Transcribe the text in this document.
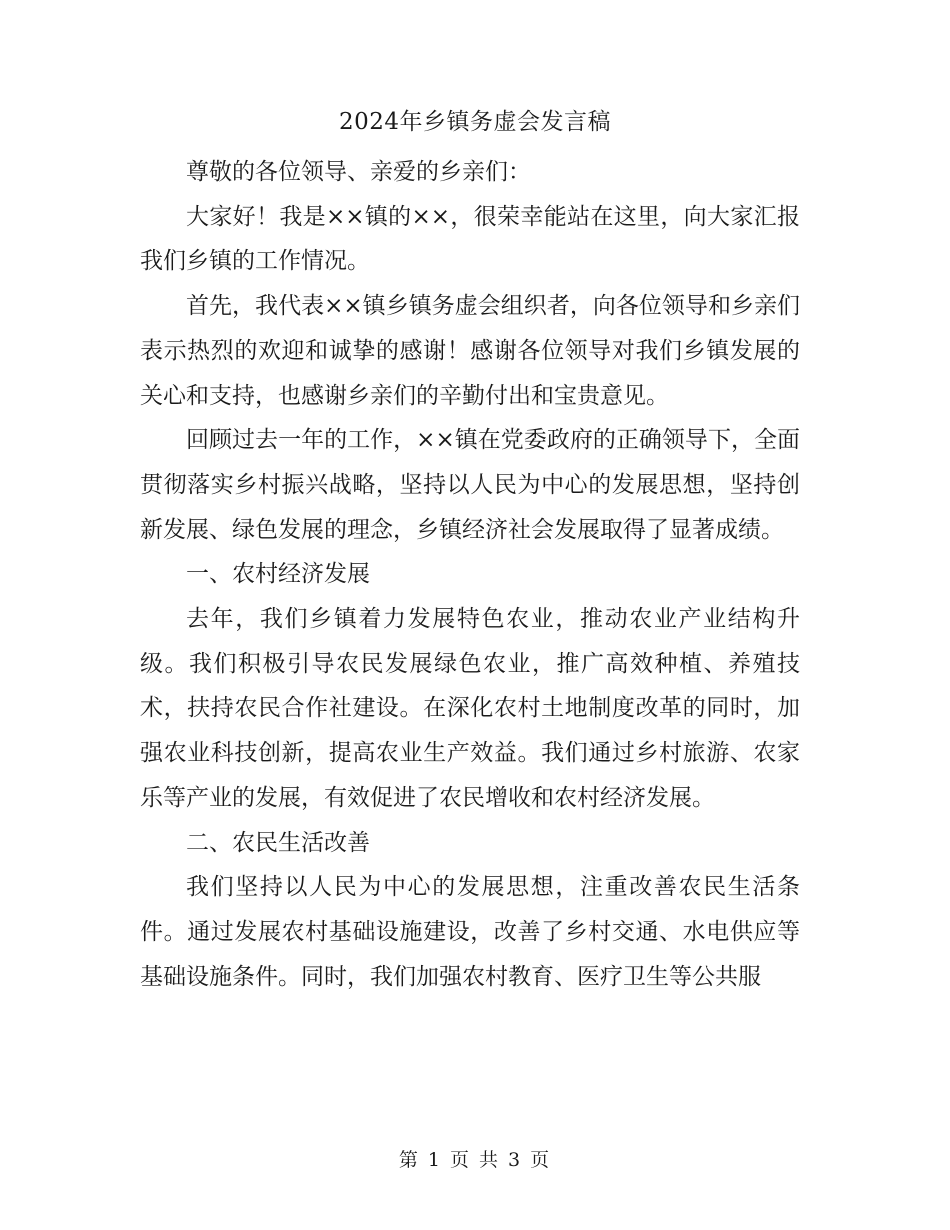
2024年乡镇务虚会发言稿

尊敬的各位领导、亲爱的乡亲们：

大家好！我是××镇的××，很荣幸能站在这里，向大家汇报我们乡镇的工作情况。

首先，我代表××镇乡镇务虚会组织者，向各位领导和乡亲们表示热烈的欢迎和诚挚的感谢！感谢各位领导对我们乡镇发展的关心和支持，也感谢乡亲们的辛勤付出和宝贵意见。

回顾过去一年的工作，××镇在党委政府的正确领导下，全面贯彻落实乡村振兴战略，坚持以人民为中心的发展思想，坚持创新发展、绿色发展的理念，乡镇经济社会发展取得了显著成绩。

一、农村经济发展

去年，我们乡镇着力发展特色农业，推动农业产业结构升级。我们积极引导农民发展绿色农业，推广高效种植、养殖技术，扶持农民合作社建设。在深化农村土地制度改革的同时，加强农业科技创新，提高农业生产效益。我们通过乡村旅游、农家乐等产业的发展，有效促进了农民增收和农村经济发展。

二、农民生活改善

我们坚持以人民为中心的发展思想，注重改善农民生活条件。通过发展农村基础设施建设，改善了乡村交通、水电供应等基础设施条件。同时，我们加强农村教育、医疗卫生等公共服

第 1 页 共 3 页
